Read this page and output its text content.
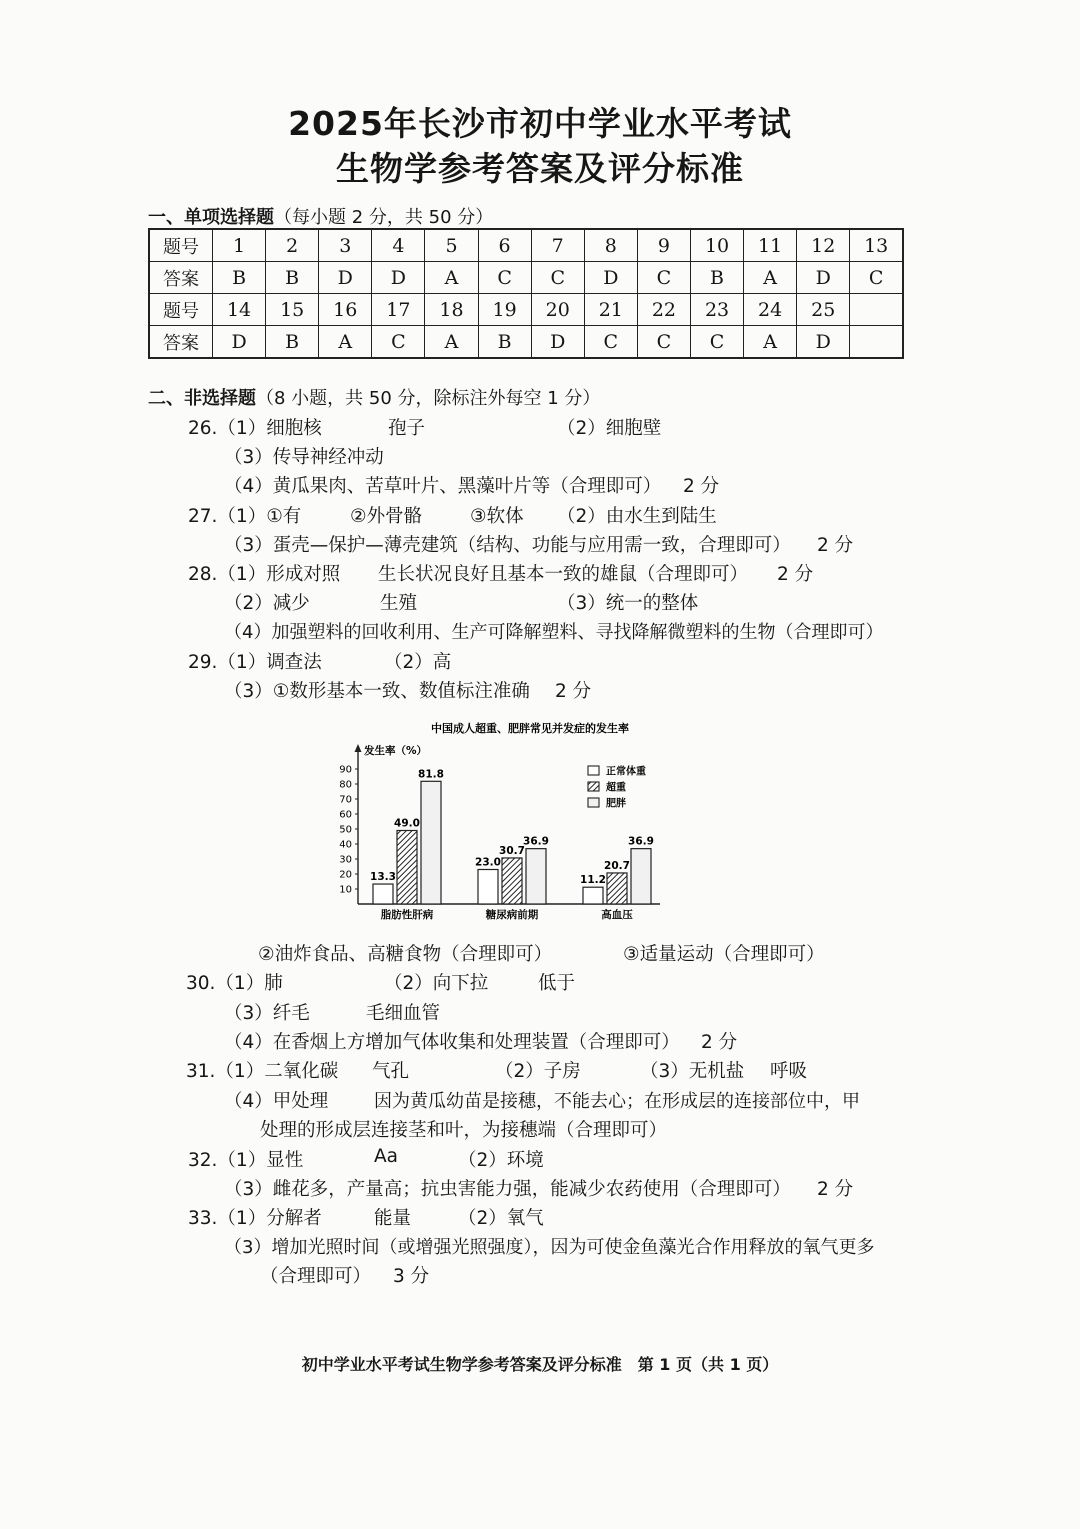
2025年长沙市初中学业水平考试
生物学参考答案及评分标准
一、单项选择题（每小题 2 分，共 50 分）
题号	1	2	3	4	5	6	7	8	9	10	11	12	13
答案	B	B	D	D	A	C	C	D	C	B	A	D	C
题号	14	15	16	17	18	19	20	21	22	23	24	25	
答案	D	B	A	C	A	B	D	C	C	C	A	D	
二、非选择题（8 小题，共 50 分，除标注外每空 1 分）
26.（1）细胞核	孢子	（2）细胞壁
（3）传导神经冲动
（4）黄瓜果肉、苦草叶片、黑藻叶片等（合理即可） 2 分
27.（1）①有	②外骨骼	③软体 （2）由水生到陆生
（3）蛋壳—保护—薄壳建筑（结构、功能与应用需一致，合理即可） 2 分
28.（1）形成对照 生长状况良好且基本一致的雄鼠（合理即可） 2 分
（2）减少	生殖	（3）统一的整体
（4）加强塑料的回收利用、生产可降解塑料、寻找降解微塑料的生物（合理即可）
29.（1）调查法	（2）高
（3）①数形基本一致、数值标注准确 2 分
中国成人超重、肥胖常见并发症的发生率
发生率（%）
10
20
30
40
50
60
70
80
90
13.3
49.0
81.8
脂肪性肝病
23.0
30.7
36.9
糖尿病前期
11.2
20.7
36.9
高血压
正常体重
超重
肥胖
②油炸食品、高糖食物（合理即可）	③适量运动（合理即可）
30.（1）肺	（2）向下拉	低于
（3）纤毛	毛细血管
（4）在香烟上方增加气体收集和处理装置（合理即可） 2 分
31.（1）二氧化碳 气孔	（2）子房	（3）无机盐 呼吸
（4）甲处理	因为黄瓜幼苗是接穗，不能去心；在形成层的连接部位中，甲
处理的形成层连接茎和叶，为接穗端（合理即可）
32.（1）显性	Aa	（2）环境
（3）雌花多，产量高；抗虫害能力强，能减少农药使用（合理即可） 2 分
33.（1）分解者	能量	（2）氧气
（3）增加光照时间（或增强光照强度），因为可使金鱼藻光合作用释放的氧气更多
（合理即可） 3 分
初中学业水平考试生物学参考答案及评分标准　第 1 页（共 1 页）
